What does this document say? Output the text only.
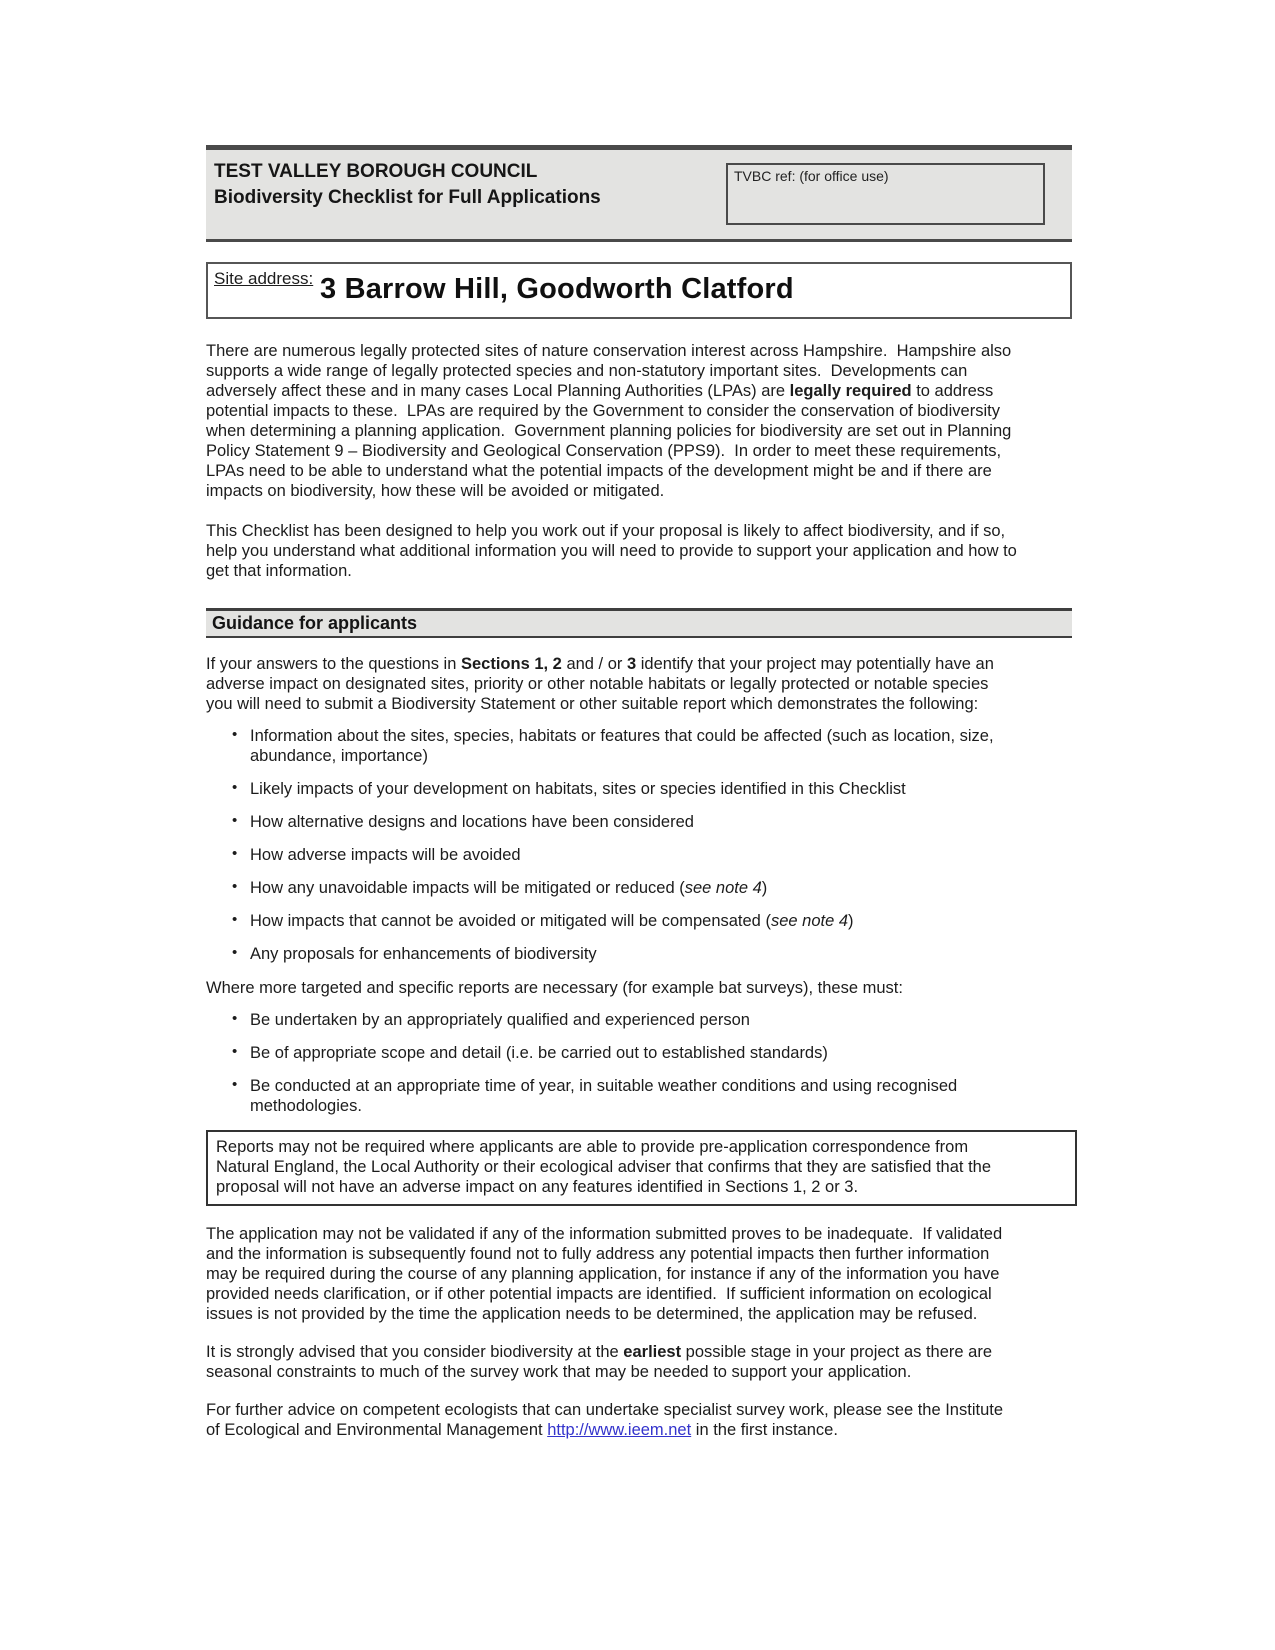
TEST VALLEY BOROUGH COUNCIL
Biodiversity Checklist for Full Applications
TVBC ref: (for office use)
Site address: 3 Barrow Hill, Goodworth Clatford

There are numerous legally protected sites of nature conservation interest across Hampshire.  Hampshire also supports a wide range of legally protected species and non-statutory important sites.  Developments can adversely affect these and in many cases Local Planning Authorities (LPAs) are legally required to address potential impacts to these.  LPAs are required by the Government to consider the conservation of biodiversity when determining a planning application.  Government planning policies for biodiversity are set out in Planning Policy Statement 9 – Biodiversity and Geological Conservation (PPS9).  In order to meet these requirements, LPAs need to be able to understand what the potential impacts of the development might be and if there are impacts on biodiversity, how these will be avoided or mitigated.

This Checklist has been designed to help you work out if your proposal is likely to affect biodiversity, and if so, help you understand what additional information you will need to provide to support your application and how to get that information.

Guidance for applicants

If your answers to the questions in Sections 1, 2 and / or 3 identify that your project may potentially have an adverse impact on designated sites, priority or other notable habitats or legally protected or notable species you will need to submit a Biodiversity Statement or other suitable report which demonstrates the following:

• Information about the sites, species, habitats or features that could be affected (such as location, size, abundance, importance)
• Likely impacts of your development on habitats, sites or species identified in this Checklist
• How alternative designs and locations have been considered
• How adverse impacts will be avoided
• How any unavoidable impacts will be mitigated or reduced (see note 4)
• How impacts that cannot be avoided or mitigated will be compensated (see note 4)
• Any proposals for enhancements of biodiversity

Where more targeted and specific reports are necessary (for example bat surveys), these must:

• Be undertaken by an appropriately qualified and experienced person
• Be of appropriate scope and detail (i.e. be carried out to established standards)
• Be conducted at an appropriate time of year, in suitable weather conditions and using recognised methodologies.

Reports may not be required where applicants are able to provide pre-application correspondence from Natural England, the Local Authority or their ecological adviser that confirms that they are satisfied that the proposal will not have an adverse impact on any features identified in Sections 1, 2 or 3.

The application may not be validated if any of the information submitted proves to be inadequate.  If validated and the information is subsequently found not to fully address any potential impacts then further information may be required during the course of any planning application, for instance if any of the information you have provided needs clarification, or if other potential impacts are identified.  If sufficient information on ecological issues is not provided by the time the application needs to be determined, the application may be refused.

It is strongly advised that you consider biodiversity at the earliest possible stage in your project as there are seasonal constraints to much of the survey work that may be needed to support your application.

For further advice on competent ecologists that can undertake specialist survey work, please see the Institute of Ecological and Environmental Management http://www.ieem.net in the first instance.
